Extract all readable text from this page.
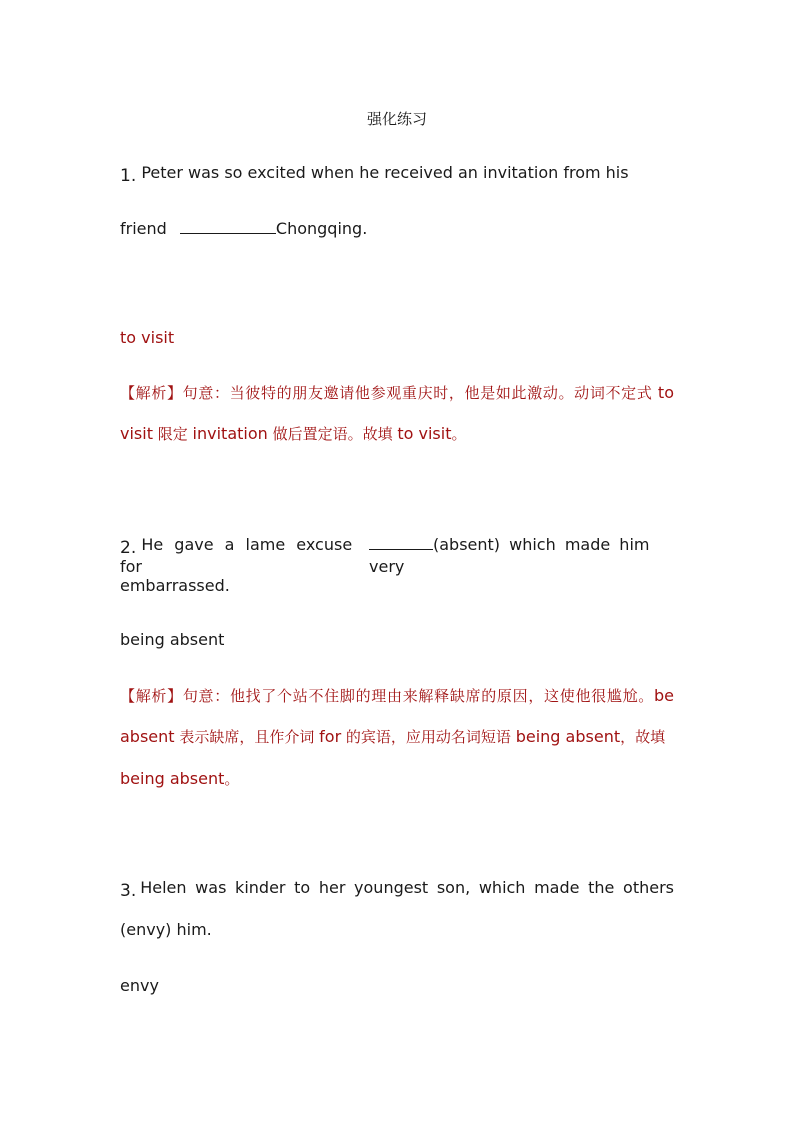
强化练习
1. Peter was so excited when he received an invitation from his
friend	Chongqing.
to visit
【解析】句意：当彼特的朋友邀请他参观重庆时，他是如此激动。动词不定式 to
visit 限定 invitation 做后置定语。故填 to visit。
2. He gave a lame excuse for
(absent) which made him very
embarrassed.
being absent
【解析】句意：他找了个站不住脚的理由来解释缺席的原因，这使他很尴尬。be
absent 表示缺席，且作介词 for 的宾语，应用动名词短语 being absent，故填
being absent。
3. Helen was kinder to her youngest son, which made the others
(envy) him.
envy
